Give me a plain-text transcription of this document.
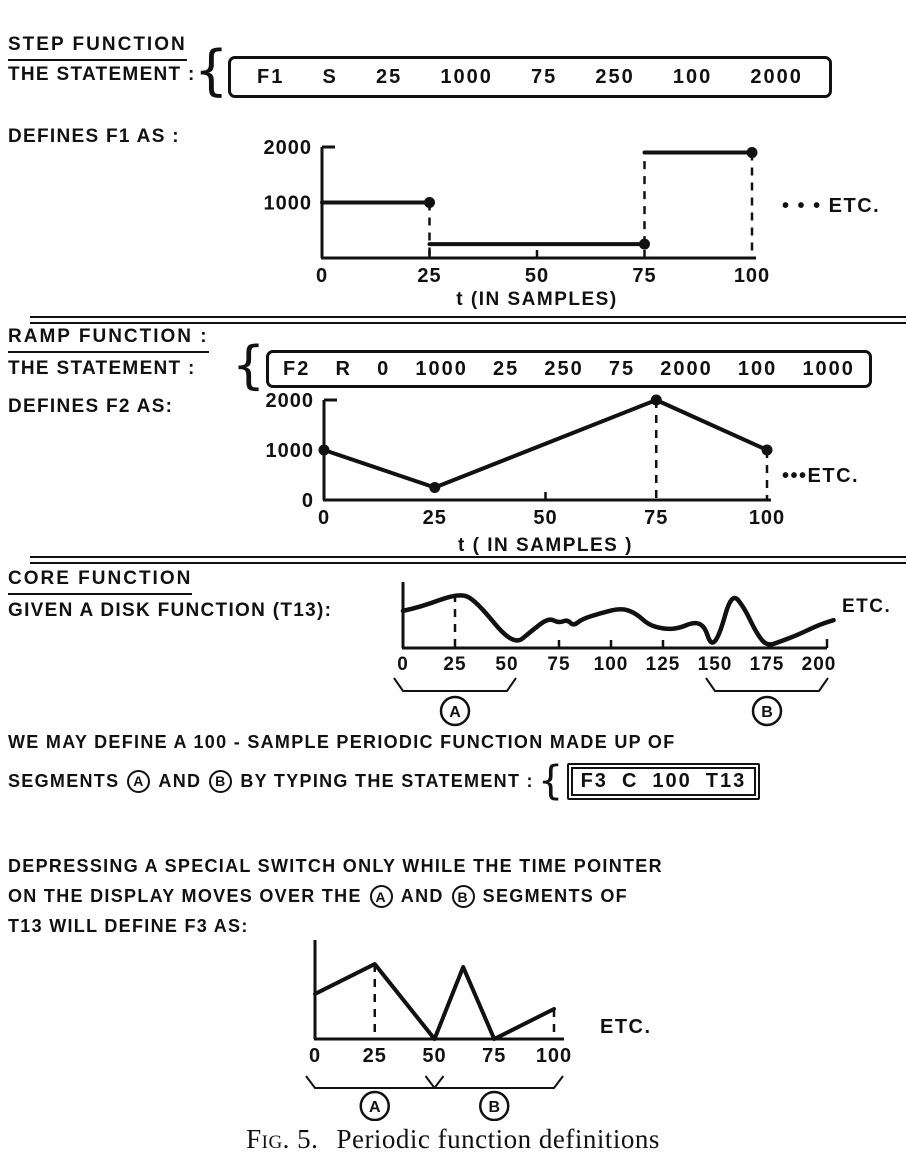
STEP FUNCTION
THE STATEMENT :
{ F1 S 25 1000 75 250 100 2000
DEFINES F1 AS :
0	25	50	75	100
2000
1000
t (IN SAMPLES)
• • • ETC.
RAMP FUNCTION :
THE STATEMENT : { F2 R 0 1000 25 250 75 2000 100 1000
DEFINES F2 AS:
0	25	50	75	100
2000
1000
0
t ( IN SAMPLES )
•••ETC.
CORE FUNCTION
GIVEN A DISK FUNCTION (T13):
0 25 50 75 100 125 150 175 200
ETC.
A	B
WE MAY DEFINE A 100 - SAMPLE PERIODIC FUNCTION MADE UP OF
SEGMENTS A AND B BY TYPING THE STATEMENT : { F3 C 100 T13
DEPRESSING A SPECIAL SWITCH ONLY WHILE THE TIME POINTER
ON THE DISPLAY MOVES OVER THE A AND B SEGMENTS OF
T13 WILL DEFINE F3 AS:
0 25 50 75 100
ETC.
A	B
Fig. 5. Periodic function definitions
